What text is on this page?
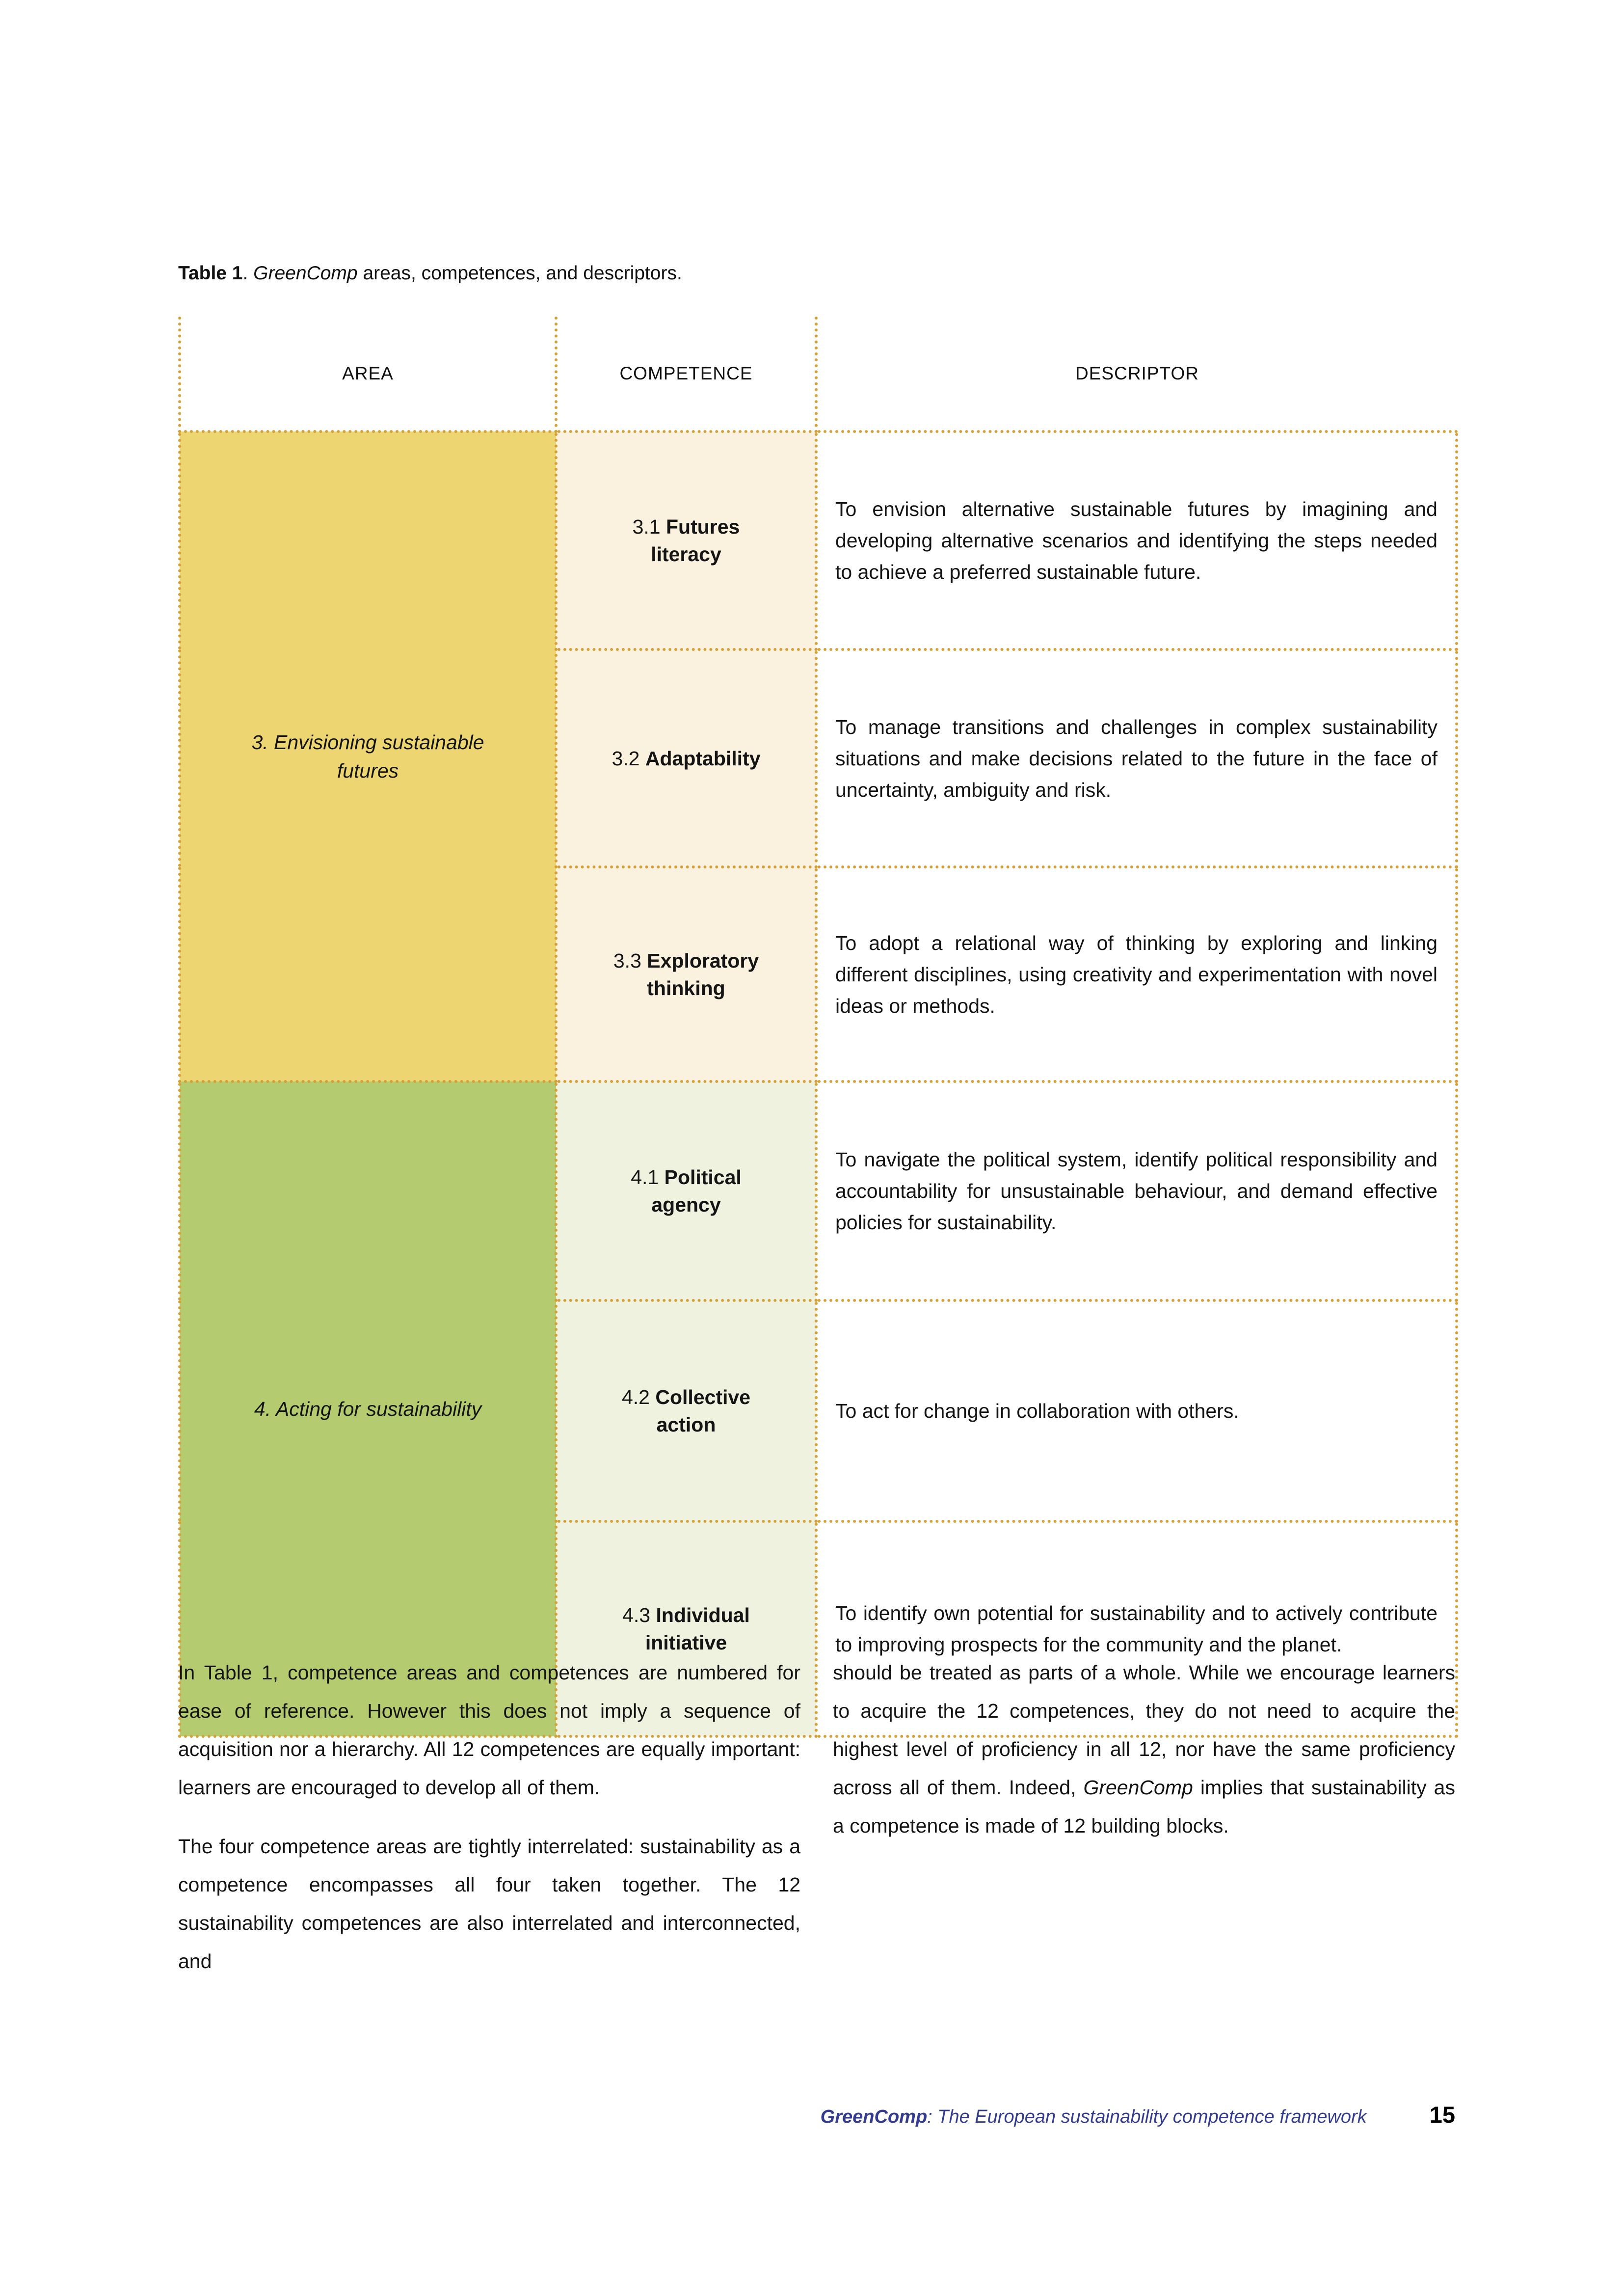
Table 1. GreenComp areas, competences, and descriptors.
AREA	COMPETENCE	DESCRIPTOR
3. Envisioning sustainable futures	3.1 Futures literacy	To envision alternative sustainable futures by imagining and developing alternative scenarios and identifying the steps needed to achieve a preferred sustainable future.
	3.2 Adaptability	To manage transitions and challenges in complex sustainability situations and make decisions related to the future in the face of uncertainty, ambiguity and risk.
	3.3 Exploratory thinking	To adopt a relational way of thinking by exploring and linking different disciplines, using creativity and experimentation with novel ideas or methods.
4. Acting for sustainability	4.1 Political agency	To navigate the political system, identify political responsibility and accountability for unsustainable behaviour, and demand effective policies for sustainability.
	4.2 Collective action	To act for change in collaboration with others.
	4.3 Individual initiative	To identify own potential for sustainability and to actively contribute to improving prospects for the community and the planet.

In Table 1, competence areas and competences are numbered for ease of reference. However this does not imply a sequence of acquisition nor a hierarchy. All 12 competences are equally important: learners are encouraged to develop all of them.

The four competence areas are tightly interrelated: sustainability as a competence encompasses all four taken together. The 12 sustainability competences are also interrelated and interconnected, and

should be treated as parts of a whole. While we encourage learners to acquire the 12 competences, they do not need to acquire the highest level of proficiency in all 12, nor have the same proficiency across all of them. Indeed, GreenComp implies that sustainability as a competence is made of 12 building blocks.

GreenComp: The European sustainability competence framework	15
